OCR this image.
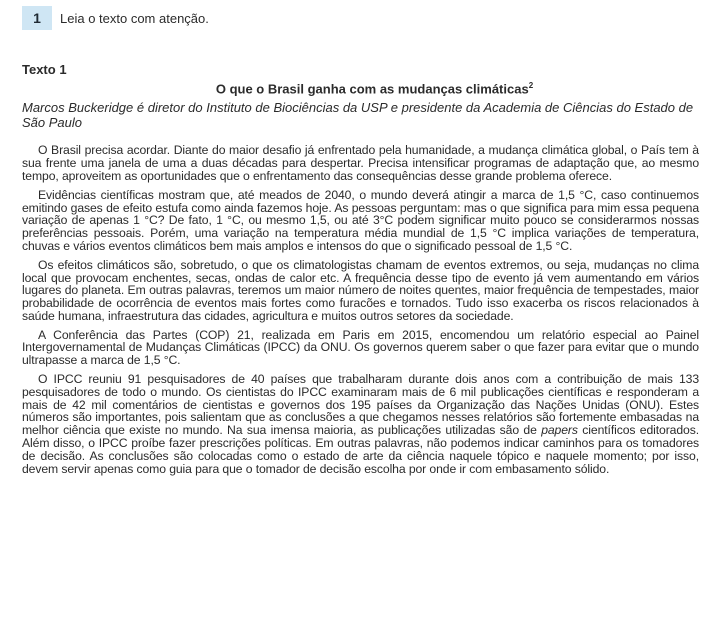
1	Leia o texto com atenção.
Texto 1
O que o Brasil ganha com as mudanças climáticas$^2$
Marcos Buckeridge é diretor do Instituto de Biociências da USP e presidente da Academia de Ciências do Estado de São Paulo

O Brasil precisa acordar. Diante do maior desafio já enfrentado pela humanidade, a mudança climática global, o País tem à sua frente uma janela de uma a duas décadas para despertar. Precisa intensificar programas de adaptação que, ao mesmo tempo, aproveitem as oportunidades que o enfrentamento das consequências desse grande problema oferece.

Evidências científicas mostram que, até meados de 2040, o mundo deverá atingir a marca de 1,5 °C, caso continuemos emitindo gases de efeito estufa como ainda fazemos hoje. As pessoas perguntam: mas o que significa para mim essa pequena variação de apenas 1 °C? De fato, 1 °C, ou mesmo 1,5, ou até 3°C podem significar muito pouco se considerarmos nossas preferências pessoais. Porém, uma variação na temperatura média mundial de 1,5 °C implica variações de temperatura, chuvas e vários eventos climáticos bem mais amplos e intensos do que o significado pessoal de 1,5 °C.

Os efeitos climáticos são, sobretudo, o que os climatologistas chamam de eventos extremos, ou seja, mudanças no clima local que provocam enchentes, secas, ondas de calor etc. A frequência desse tipo de evento já vem aumentando em vários lugares do planeta. Em outras palavras, teremos um maior número de noites quentes, maior frequência de tempestades, maior probabilidade de ocorrência de eventos mais fortes como furacões e tornados. Tudo isso exacerba os riscos relacionados à saúde humana, infraestrutura das cidades, agricultura e muitos outros setores da sociedade.

A Conferência das Partes (COP) 21, realizada em Paris em 2015, encomendou um relatório especial ao Painel Intergovernamental de Mudanças Climáticas (IPCC) da ONU. Os governos querem saber o que fazer para evitar que o mundo ultrapasse a marca de 1,5 °C.

O IPCC reuniu 91 pesquisadores de 40 países que trabalharam durante dois anos com a contribuição de mais 133 pesquisadores de todo o mundo. Os cientistas do IPCC examinaram mais de 6 mil publicações científicas e responderam a mais de 42 mil comentários de cientistas e governos dos 195 países da Organização das Nações Unidas (ONU). Estes números são importantes, pois salientam que as conclusões a que chegamos nesses relatórios são fortemente embasadas na melhor ciência que existe no mundo. Na sua imensa maioria, as publicações utilizadas são de papers científicos editorados. Além disso, o IPCC proíbe fazer prescrições políticas. Em outras palavras, não podemos indicar caminhos para os tomadores de decisão. As conclusões são colocadas como o estado de arte da ciência naquele tópico e naquele momento; por isso, devem servir apenas como guia para que o tomador de decisão escolha por onde ir com embasamento sólido.
